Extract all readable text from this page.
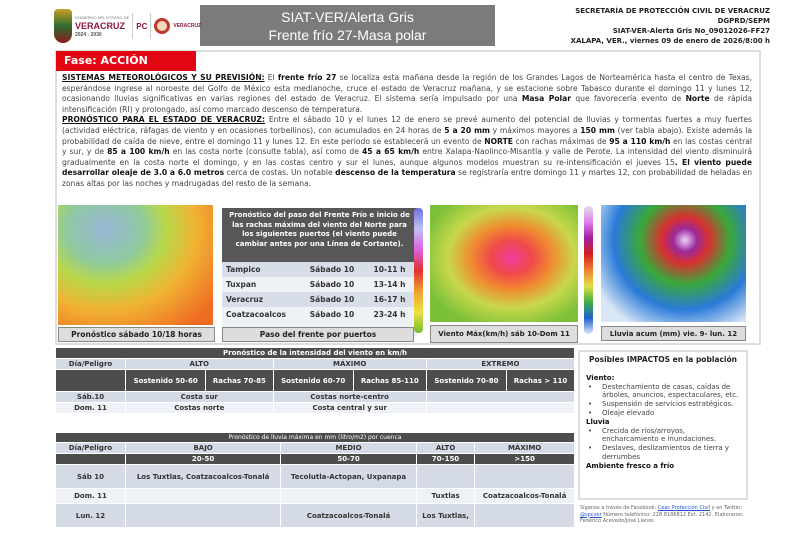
GOBIERNO DEL ESTADO DE
VERACRUZ
2024 - 2030
PC	VERACRUZ
SIAT-VER/Alerta Gris
Frente frío 27-Masa polar
SECRETARÍA DE PROTECCIÓN CIVIL DE VERACRUZ
DGPRD/SEPM
SIAT-VER-Alerta Gris No_09012026-FF27
XALAPA, VER., viernes 09 de enero de 2026/8:00 h
Fase: ACCIÓN
SISTEMAS METEOROLÓGICOS Y SU PREVISIÓN: El frente frío 27 se localiza esta mañana desde la región de los Grandes Lagos de Norteamérica hasta el centro de Texas, esperándose ingrese al noroeste del Golfo de México esta medianoche, cruce el estado de Veracruz mañana, y se estacione sobre Tabasco durante el domingo 11 y lunes 12, ocasionando lluvias significativas en varias regiones del estado de Veracruz. El sistema sería impulsado por una Masa Polar que favorecería evento de Norte de rápida intensificación (RI) y prolongado, así como marcado descenso de temperatura.
PRONÓSTICO PARA EL ESTADO DE VERACRUZ: Entre el sábado 10 y el lunes 12 de enero se prevé aumento del potencial de lluvias y tormentas fuertes a muy fuertes (actividad eléctrica, ráfagas de viento y en ocasiones torbellinos), con acumulados en 24 horas de 5 a 20 mm y máximos mayores a 150 mm (ver tabla abajo). Existe además la probabilidad de caída de nieve, entre el domingo 11 y lunes 12. En este periodo se establecerá un evento de NORTE con rachas máximas de 95 a 110 km/h en las costas central y sur, y de 85 a 100 km/h en las costa norte (consulte tabla), así como de 45 a 65 km/h entre Xalapa-Naolinco-Misantla y valle de Perote. La intensidad del viento disminuirá gradualmente en la costa norte el domingo, y en las costas centro y sur el lunes, aunque algunos modelos muestran su re-intensificación el jueves 15. El viento puede desarrollar oleaje de 3.0 a 6.0 metros cerca de costas. Un notable descenso de la temperatura se registraría entre domingo 11 y martes 12, con probabilidad de heladas en zonas altas por las noches y madrugadas del resto de la semana.
Pronóstico sábado 10/18 horas
Pronóstico del paso del Frente Frío e inicio de las rachas máxima del viento del Norte para los siguientes puertos (el viento puede cambiar antes por una Línea de Cortante).
Tampico	Sábado 10	10-11 h
Tuxpan	Sábado 10	13-14 h
Veracruz	Sábado 10	16-17 h
Coatzacoalcos	Sábado 10	23-24 h
Paso del frente por puertos	Viento Máx(km/h) sáb 10-Dom 11	Lluvia acum (mm) vie. 9- lun. 12
Pronóstico de la intensidad del viento en km/h						
Día/Peligro	ALTO		MÁXIMO		EXTREMO	
	Sostenido 50-60	Rachas 70-85	Sostenido 60-70	Rachas 85-110	Sostenido 70-80	Rachas > 110
Sáb.10	Costa sur		Costas norte-centro			
Dom. 11	Costas norte		Costa central y sur			
Pronóstico de lluvia máxima en mm (litro/m2) por cuenca				
Día/Peligro	BAJO	MEDIO	ALTO	MÁXIMO
	20-50	50-70	70-150	>150
Sáb 10	Los Tuxtlas, Coatzacoalcos-Tonalá	Tecolutla-Actopan, Uxpanapa		
Dom. 11			Tuxtlas	Coatzacoalcos-Tonalá
Lun. 12		Coatzacoalcos-Tonalá	Los Tuxtlas,	
Posibles IMPACTOS en la población
Viento:
• Destechamiento de casas, caídas de árboles, anuncios, espectaculares, etc.
• Suspensión de servicios estratégicos.
• Oleaje elevado
Lluvia
• Crecida de ríos/arroyos, encharcamiento e inundaciones.
• Deslaves, deslizamientos de tierra y derrumbes
Ambiente fresco a frío
Síganos a través de Facebook: Ceac Protección Civil y en Twitter: @spcver Número telefónico: 228 8186812 Ext. 2142. Elaboraron: Federico Acevedo/José Llanos
